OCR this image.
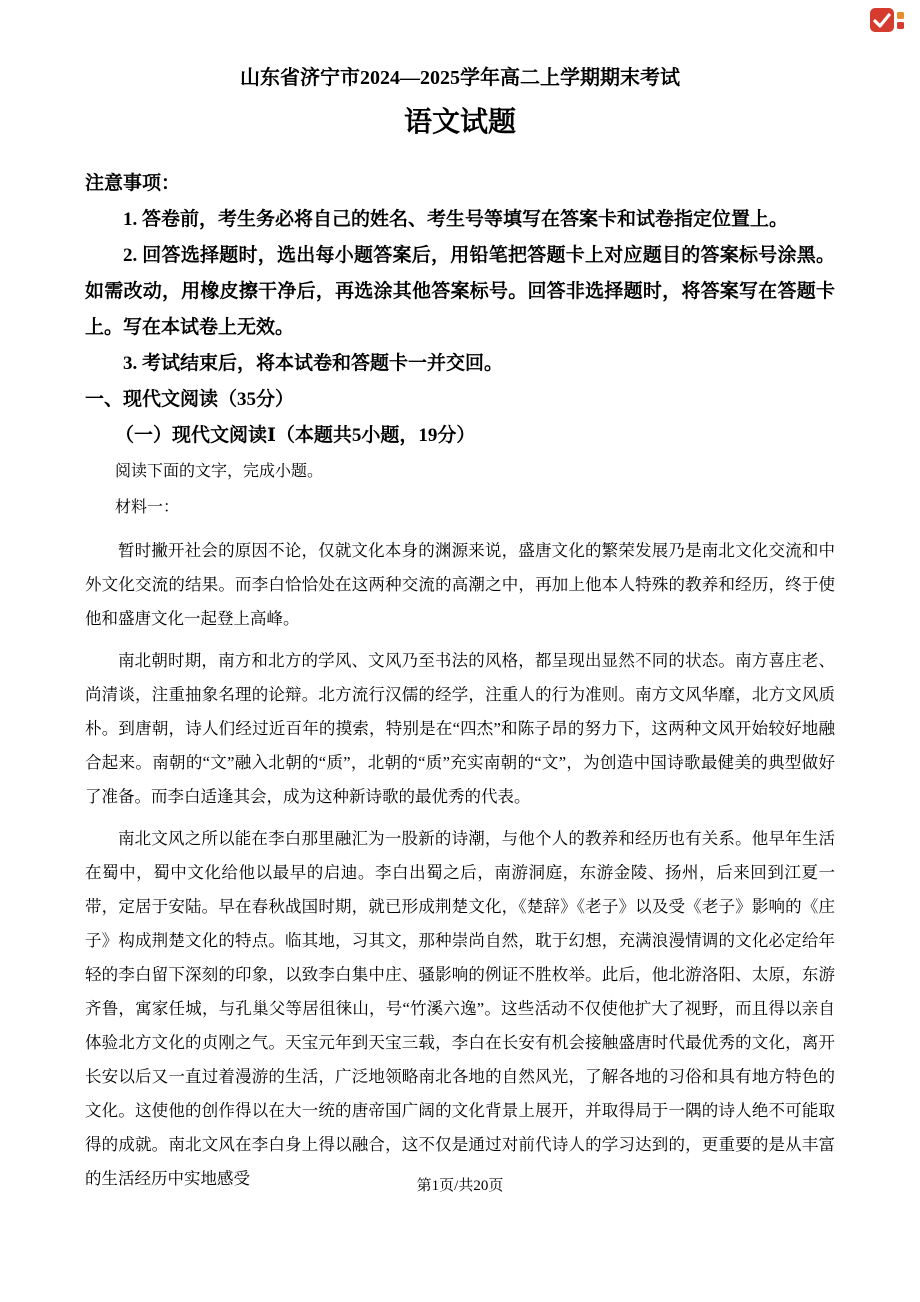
山东省济宁市2024—2025学年高二上学期期末考试
语文试题
注意事项：
1. 答卷前，考生务必将自己的姓名、考生号等填写在答案卡和试卷指定位置上。
2. 回答选择题时，选出每小题答案后，用铅笔把答题卡上对应题目的答案标号涂黑。如需改动，用橡皮擦干净后，再选涂其他答案标号。回答非选择题时，将答案写在答题卡上。写在本试卷上无效。
3. 考试结束后，将本试卷和答题卡一并交回。
一、现代文阅读（35分）
（一）现代文阅读Ⅰ（本题共5小题，19分）
阅读下面的文字，完成小题。
材料一：
暂时撇开社会的原因不论，仅就文化本身的渊源来说，盛唐文化的繁荣发展乃是南北文化交流和中外文化交流的结果。而李白恰恰处在这两种交流的高潮之中，再加上他本人特殊的教养和经历，终于使他和盛唐文化一起登上高峰。
南北朝时期，南方和北方的学风、文风乃至书法的风格，都呈现出显然不同的状态。南方喜庄老、尚清谈，注重抽象名理的论辩。北方流行汉儒的经学，注重人的行为准则。南方文风华靡，北方文风质朴。到唐朝，诗人们经过近百年的摸索，特别是在“四杰”和陈子昂的努力下，这两种文风开始较好地融合起来。南朝的“文”融入北朝的“质”，北朝的“质”充实南朝的“文”，为创造中国诗歌最健美的典型做好了准备。而李白适逢其会，成为这种新诗歌的最优秀的代表。
南北文风之所以能在李白那里融汇为一股新的诗潮，与他个人的教养和经历也有关系。他早年生活在蜀中，蜀中文化给他以最早的启迪。李白出蜀之后，南游洞庭，东游金陵、扬州，后来回到江夏一带，定居于安陆。早在春秋战国时期，就已形成荆楚文化，《楚辞》《老子》以及受《老子》影响的《庄子》构成荆楚文化的特点。临其地，习其文，那种崇尚自然，耽于幻想，充满浪漫情调的文化必定给年轻的李白留下深刻的印象，以致李白集中庄、骚影响的例证不胜枚举。此后，他北游洛阳、太原，东游齐鲁，寓家任城，与孔巢父等居徂徕山，号“竹溪六逸”。这些活动不仅使他扩大了视野，而且得以亲自体验北方文化的贞刚之气。天宝元年到天宝三载，李白在长安有机会接触盛唐时代最优秀的文化，离开长安以后又一直过着漫游的生活，广泛地领略南北各地的自然风光，了解各地的习俗和具有地方特色的文化。这使他的创作得以在大一统的唐帝国广阔的文化背景上展开，并取得局于一隅的诗人绝不可能取得的成就。南北文风在李白身上得以融合，这不仅是通过对前代诗人的学习达到的，更重要的是从丰富的生活经历中实地感受	第1页/共20页
